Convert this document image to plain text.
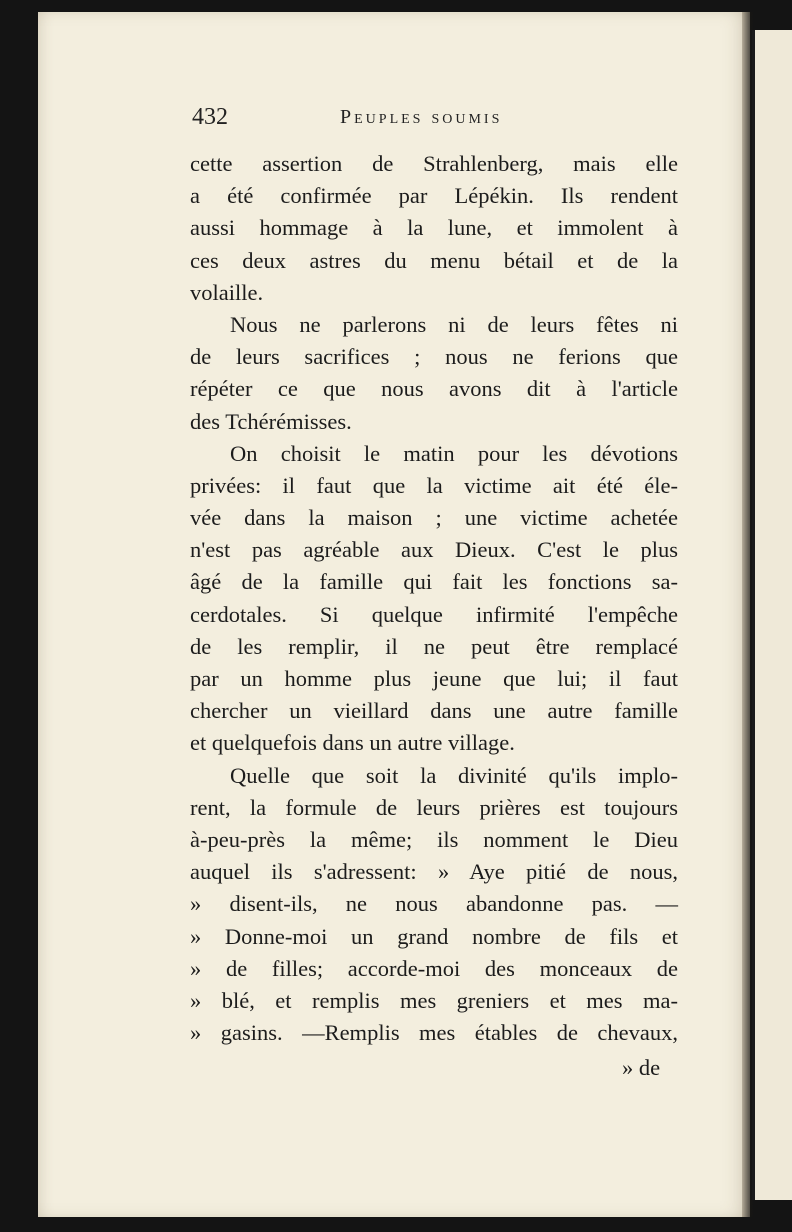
432	Peuples soumis
cette assertion de Strahlenberg, mais elle
a été confirmée par Lépékin. Ils rendent
aussi hommage à la lune, et immolent à
ces deux astres du menu bétail et de la
volaille.
Nous ne parlerons ni de leurs fêtes ni
de leurs sacrifices ; nous ne ferions que
répéter ce que nous avons dit à l'article
des Tchérémisses.
On choisit le matin pour les dévotions
privées: il faut que la victime ait été éle-
vée dans la maison ; une victime achetée
n'est pas agréable aux Dieux. C'est le plus
âgé de la famille qui fait les fonctions sa-
cerdotales. Si quelque infirmité l'empêche
de les remplir, il ne peut être remplacé
par un homme plus jeune que lui; il faut
chercher un vieillard dans une autre famille
et quelquefois dans un autre village.
Quelle que soit la divinité qu'ils implo-
rent, la formule de leurs prières est toujours
à-peu-près la même; ils nomment le Dieu
auquel ils s'adressent: » Aye pitié de nous,
» disent-ils, ne nous abandonne pas. —
» Donne-moi un grand nombre de fils et
» de filles; accorde-moi des monceaux de
» blé, et remplis mes greniers et mes ma-
» gasins. —Remplis mes étables de chevaux,
» de
